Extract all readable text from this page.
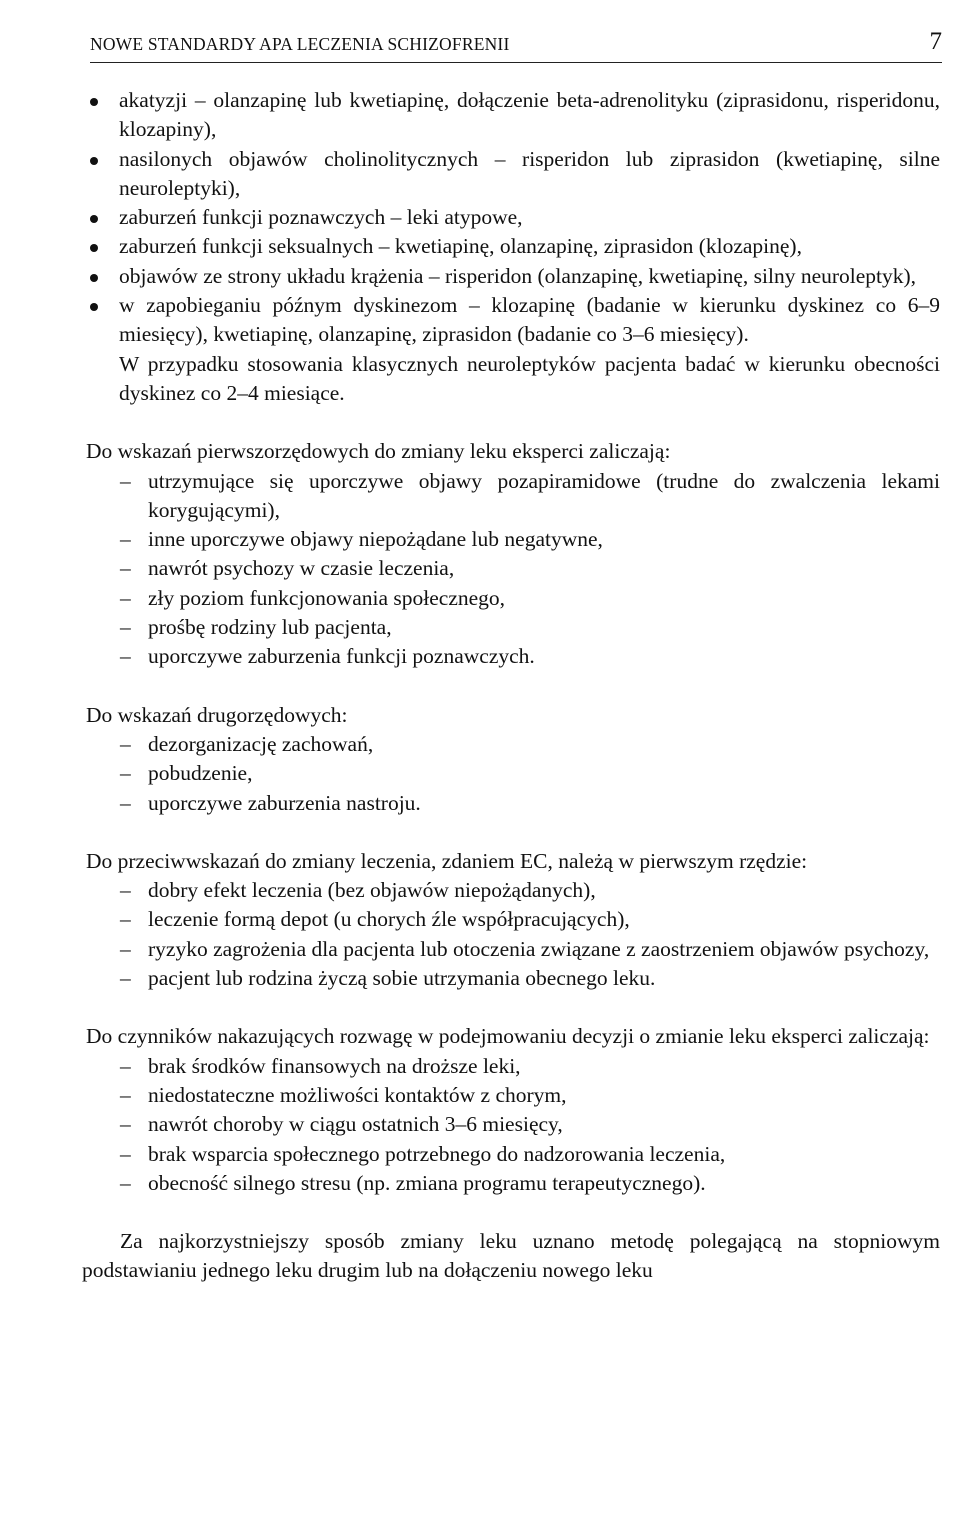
NOWE STANDARDY APA LECZENIA SCHIZOFRENII	7
akatyzji – olanzapinę lub kwetiapinę, dołączenie beta-adrenolityku (ziprasidonu, risperidonu, klozapiny),
nasilonych objawów cholinolitycznych – risperidon lub ziprasidon (kwetiapinę, silne neuroleptyki),
zaburzeń funkcji poznawczych – leki atypowe,
zaburzeń funkcji seksualnych – kwetiapinę, olanzapinę, ziprasidon (klozapinę),
objawów ze strony układu krążenia – risperidon (olanzapinę, kwetiapinę, silny neuroleptyk),
w zapobieganiu późnym dyskinezom – klozapinę (badanie w kierunku dyskinez co 6–9 miesięcy), kwetiapinę, olanzapinę, ziprasidon (badanie co 3–6 miesięcy).

W przypadku stosowania klasycznych neuroleptyków pacjenta badać w kierunku obecności dyskinez co 2–4 miesiące.

Do wskazań pierwszorzędowych do zmiany leku eksperci zaliczają:

– utrzymujące się uporczywe objawy pozapiramidowe (trudne do zwalczenia lekami korygującymi),
– inne uporczywe objawy niepożądane lub negatywne,
– nawrót psychozy w czasie leczenia,
– zły poziom funkcjonowania społecznego,
– prośbę rodziny lub pacjenta,
– uporczywe zaburzenia funkcji poznawczych.

Do wskazań drugorzędowych:

– dezorganizację zachowań,
– pobudzenie,
– uporczywe zaburzenia nastroju.

Do przeciwwskazań do zmiany leczenia, zdaniem EC, należą w pierwszym rzędzie:

– dobry efekt leczenia (bez objawów niepożądanych),
– leczenie formą depot (u chorych źle współpracujących),
– ryzyko zagrożenia dla pacjenta lub otoczenia związane z zaostrzeniem objawów psychozy,
– pacjent lub rodzina życzą sobie utrzymania obecnego leku.

Do czynników nakazujących rozwagę w podejmowaniu decyzji o zmianie leku eksperci zaliczają:

– brak środków finansowych na droższe leki,
– niedostateczne możliwości kontaktów z chorym,
– nawrót choroby w ciągu ostatnich 3–6 miesięcy,
– brak wsparcia społecznego potrzebnego do nadzorowania leczenia,
– obecność silnego stresu (np. zmiana programu terapeutycznego).

Za najkorzystniejszy sposób zmiany leku uznano metodę polegającą na stopniowym podstawianiu jednego leku drugim lub na dołączeniu nowego leku
